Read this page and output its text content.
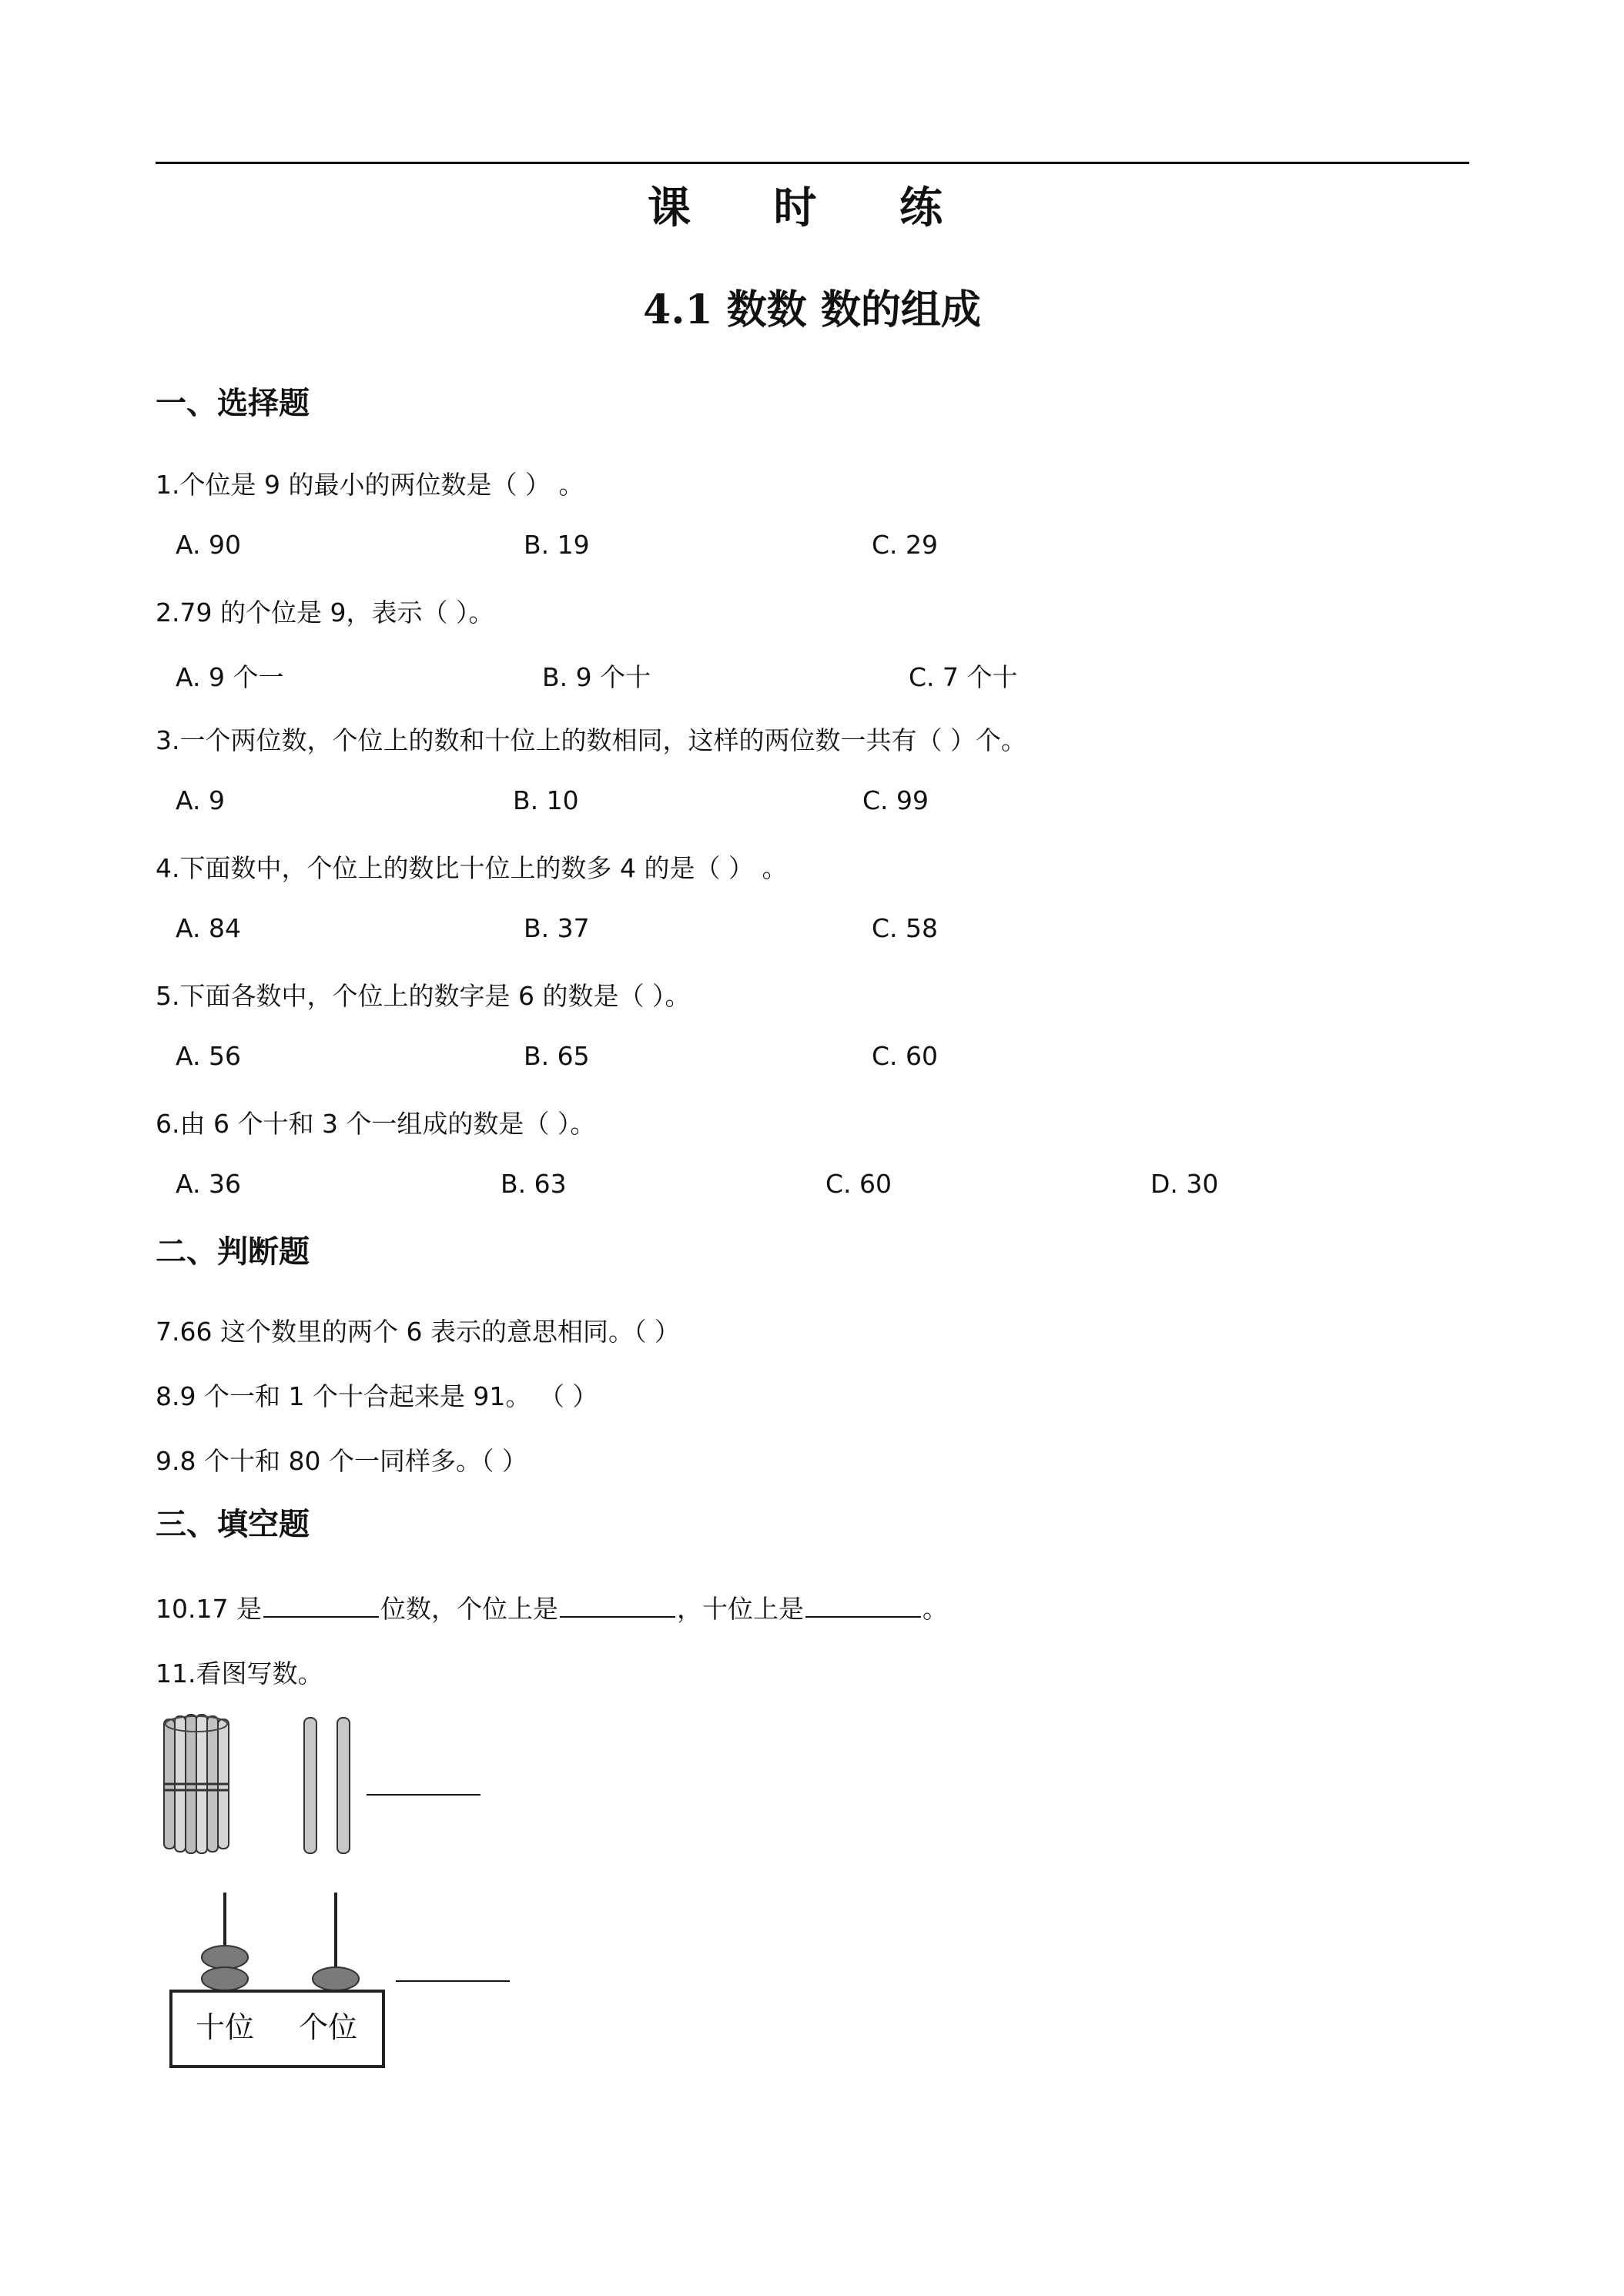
课 时 练
4.1 数数 数的组成
一、选择题
1.个位是 9 的最小的两位数是（ ） 。
A. 90	B. 19	C. 29
2.79 的个位是 9，表示（ ）。
A. 9 个一	B. 9 个十	C. 7 个十
3.一个两位数，个位上的数和十位上的数相同，这样的两位数一共有（ ）个。
A. 9	B. 10	C. 99
4.下面数中，个位上的数比十位上的数多 4 的是（ ） 。
A. 84	B. 37	C. 58
5.下面各数中，个位上的数字是 6 的数是（ ）。
A. 56	B. 65	C. 60
6.由 6 个十和 3 个一组成的数是（ ）。
A. 36	B. 63	C. 60	D. 30
二、判断题
7.66 这个数里的两个 6 表示的意思相同。（ ）
8.9 个一和 1 个十合起来是 91。 （ ）
9.8 个十和 80 个一同样多。（ ）
三、填空题
10.17 是	位数，个位上是	，十位上是	。
11.看图写数。
十位 个位
